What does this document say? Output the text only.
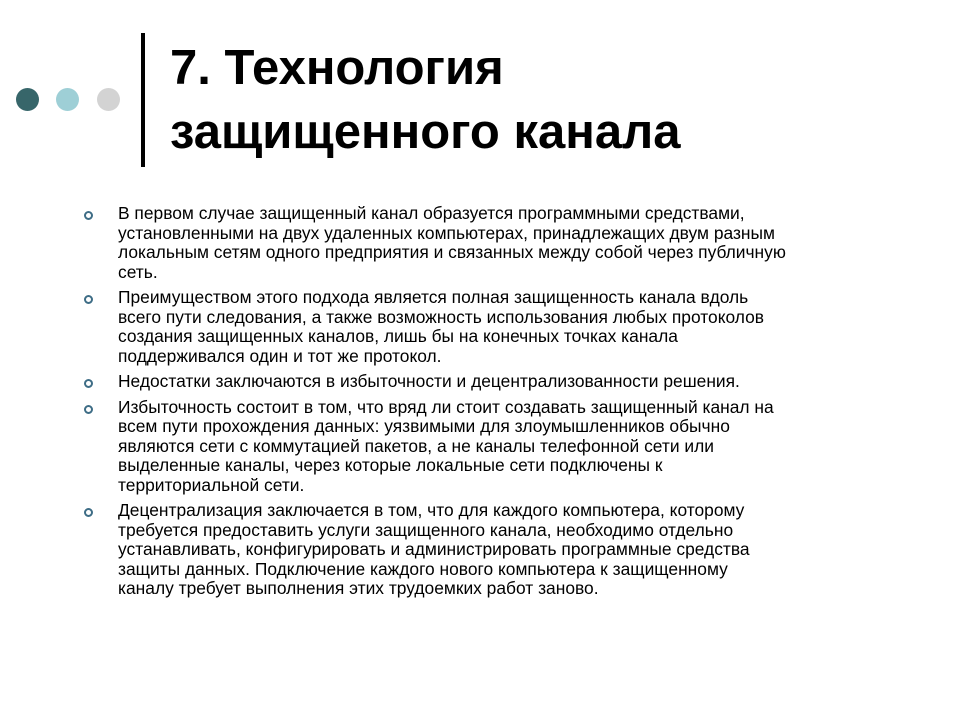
7. Технология
защищенного канала
В первом случае защищенный канал образуется программными средствами,
установленными на двух удаленных компьютерах, принадлежащих двум разным
локальным сетям одного предприятия и связанных между собой через публичную
сеть.
Преимуществом этого подхода является полная защищенность канала вдоль
всего пути следования, а также возможность использования любых протоколов
создания защищенных каналов, лишь бы на конечных точках канала
поддерживался один и тот же протокол.
Недостатки заключаются в избыточности и децентрализованности решения.
Избыточность состоит в том, что вряд ли стоит создавать защищенный канал на
всем пути прохождения данных: уязвимыми для злоумышленников обычно
являются сети с коммутацией пакетов, а не каналы телефонной сети или
выделенные каналы, через которые локальные сети подключены к
территориальной сети.
Децентрализация заключается в том, что для каждого компьютера, которому
требуется предоставить услуги защищенного канала, необходимо отдельно
устанавливать, конфигурировать и администрировать программные средства
защиты данных. Подключение каждого нового компьютера к защищенному
каналу требует выполнения этих трудоемких работ заново.
